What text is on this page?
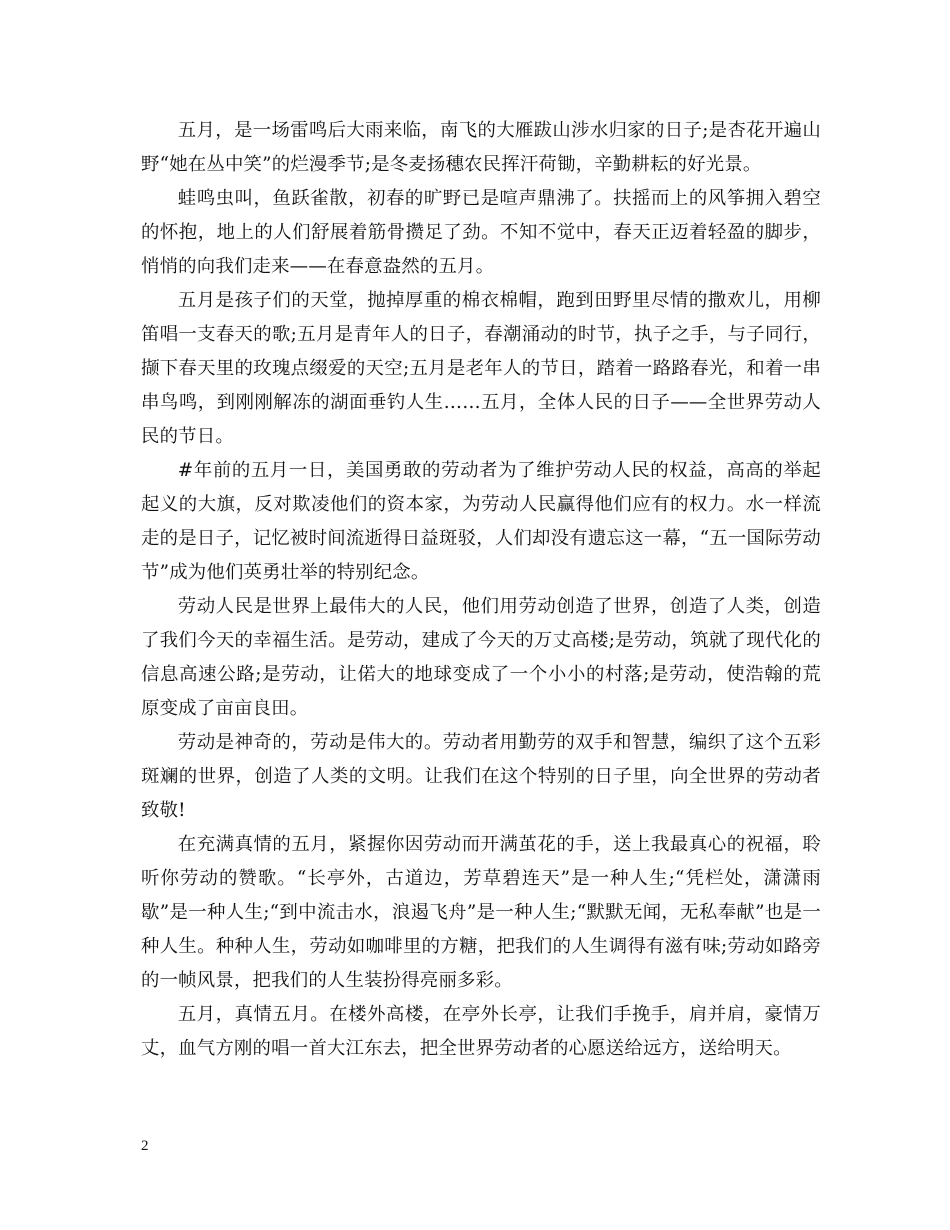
五月，是一场雷鸣后大雨来临，南飞的大雁跋山涉水归家的日子;是杏花开遍山野“她在丛中笑”的烂漫季节;是冬麦扬穗农民挥汗荷锄，辛勤耕耘的好光景。

蛙鸣虫叫，鱼跃雀散，初春的旷野已是喧声鼎沸了。扶摇而上的风筝拥入碧空的怀抱，地上的人们舒展着筋骨攒足了劲。不知不觉中，春天正迈着轻盈的脚步，悄悄的向我们走来——在春意盎然的五月。

五月是孩子们的天堂，抛掉厚重的棉衣棉帽，跑到田野里尽情的撒欢儿，用柳笛唱一支春天的歌;五月是青年人的日子，春潮涌动的时节，执子之手，与子同行，撷下春天里的玫瑰点缀爱的天空;五月是老年人的节日，踏着一路路春光，和着一串串鸟鸣，到刚刚解冻的湖面垂钓人生……五月，全体人民的日子——全世界劳动人民的节日。

#年前的五月一日，美国勇敢的劳动者为了维护劳动人民的权益，高高的举起起义的大旗，反对欺凌他们的资本家，为劳动人民赢得他们应有的权力。水一样流走的是日子，记忆被时间流逝得日益斑驳，人们却没有遗忘这一幕，“五一国际劳动节”成为他们英勇壮举的特别纪念。

劳动人民是世界上最伟大的人民，他们用劳动创造了世界，创造了人类，创造了我们今天的幸福生活。是劳动，建成了今天的万丈高楼;是劳动，筑就了现代化的信息高速公路;是劳动，让偌大的地球变成了一个小小的村落;是劳动，使浩翰的荒原变成了亩亩良田。

劳动是神奇的，劳动是伟大的。劳动者用勤劳的双手和智慧，编织了这个五彩斑斓的世界，创造了人类的文明。让我们在这个特别的日子里，向全世界的劳动者致敬!

在充满真情的五月，紧握你因劳动而开满茧花的手，送上我最真心的祝福，聆听你劳动的赞歌。“长亭外，古道边，芳草碧连天”是一种人生;“凭栏处，潇潇雨歇”是一种人生;“到中流击水，浪遏飞舟”是一种人生;“默默无闻，无私奉献”也是一种人生。种种人生，劳动如咖啡里的方糖，把我们的人生调得有滋有味;劳动如路旁的一帧风景，把我们的人生装扮得亮丽多彩。

五月，真情五月。在楼外高楼，在亭外长亭，让我们手挽手，肩并肩，豪情万丈，血气方刚的唱一首大江东去，把全世界劳动者的心愿送给远方，送给明天。

2
